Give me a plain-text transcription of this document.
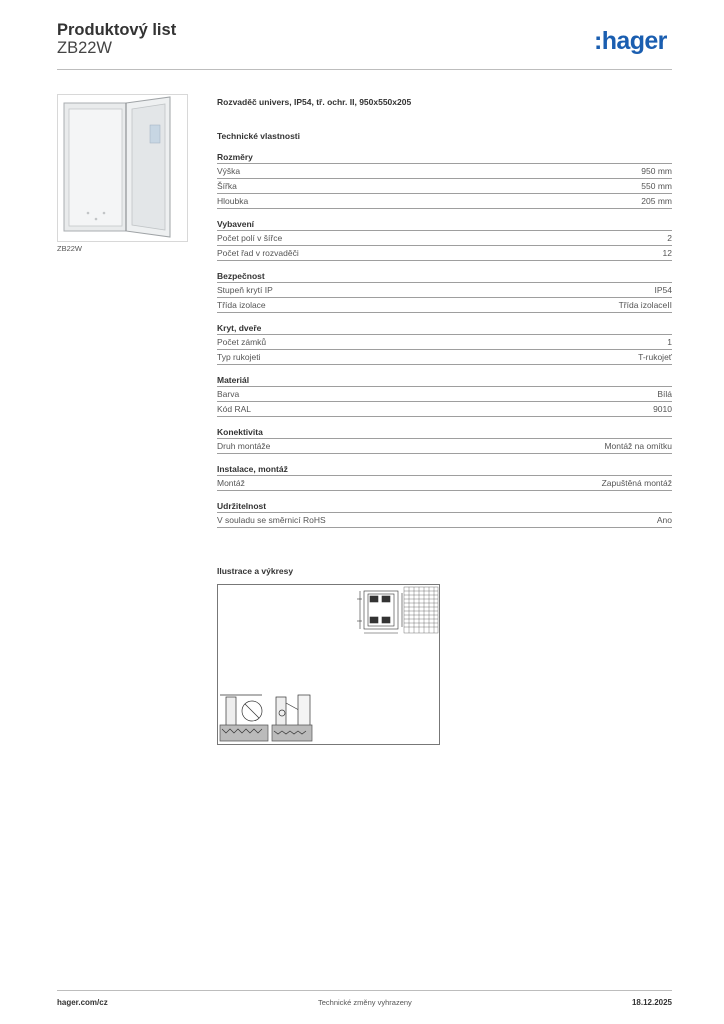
Produktový list
ZB22W	:hager
ZB22W
Rozvaděč univers, IP54, tř. ochr. II, 950x550x205
Technické vlastnosti
Rozměry
Výška	950 mm
Šířka	550 mm
Hloubka	205 mm
Vybavení
Počet polí v šířce	2
Počet řad v rozvaděči	12
Bezpečnost
Stupeň krytí IP	IP54
Třída izolace	Třída izolaceII
Kryt, dveře
Počet zámků	1
Typ rukojeti	T-rukojeť
Materiál
Barva	Bílá
Kód RAL	9010
Konektivita
Druh montáže	Montáž na omítku
Instalace, montáž
Montáž	Zapuštěná montáž
Udržitelnost
V souladu se směrnicí RoHS	Ano
Ilustrace a výkresy
hager.com/cz	Technické změny vyhrazeny	18.12.2025
